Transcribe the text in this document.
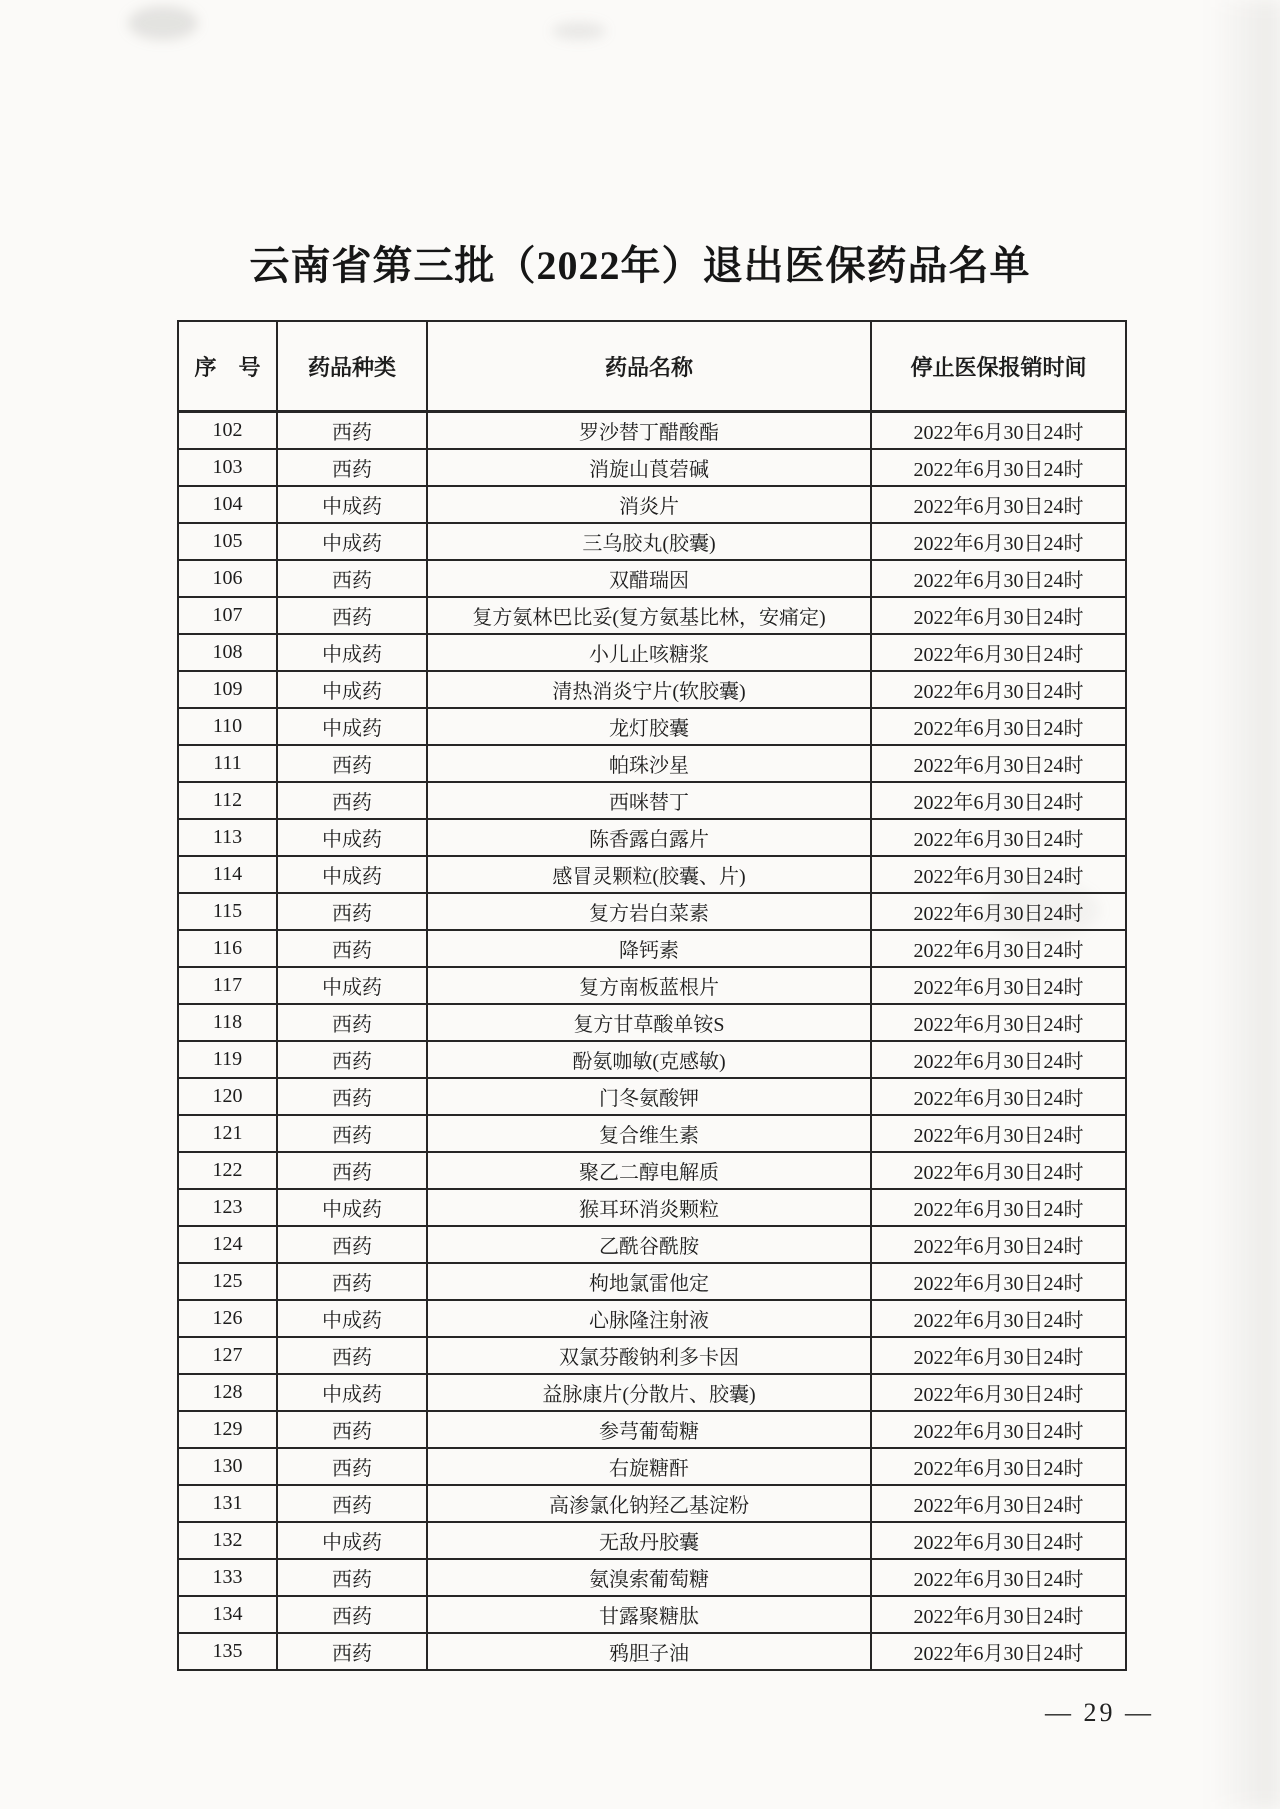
云南省第三批（2022年）退出医保药品名单
序　号	药品种类	药品名称	停止医保报销时间
102	西药	罗沙替丁醋酸酯	2022年6月30日24时
103	西药	消旋山莨菪碱	2022年6月30日24时
104	中成药	消炎片	2022年6月30日24时
105	中成药	三乌胶丸(胶囊)	2022年6月30日24时
106	西药	双醋瑞因	2022年6月30日24时
107	西药	复方氨林巴比妥(复方氨基比林，安痛定)	2022年6月30日24时
108	中成药	小儿止咳糖浆	2022年6月30日24时
109	中成药	清热消炎宁片(软胶囊)	2022年6月30日24时
110	中成药	龙灯胶囊	2022年6月30日24时
111	西药	帕珠沙星	2022年6月30日24时
112	西药	西咪替丁	2022年6月30日24时
113	中成药	陈香露白露片	2022年6月30日24时
114	中成药	感冒灵颗粒(胶囊、片)	2022年6月30日24时
115	西药	复方岩白菜素	2022年6月30日24时
116	西药	降钙素	2022年6月30日24时
117	中成药	复方南板蓝根片	2022年6月30日24时
118	西药	复方甘草酸单铵S	2022年6月30日24时
119	西药	酚氨咖敏(克感敏)	2022年6月30日24时
120	西药	门冬氨酸钾	2022年6月30日24时
121	西药	复合维生素	2022年6月30日24时
122	西药	聚乙二醇电解质	2022年6月30日24时
123	中成药	猴耳环消炎颗粒	2022年6月30日24时
124	西药	乙酰谷酰胺	2022年6月30日24时
125	西药	枸地氯雷他定	2022年6月30日24时
126	中成药	心脉隆注射液	2022年6月30日24时
127	西药	双氯芬酸钠利多卡因	2022年6月30日24时
128	中成药	益脉康片(分散片、胶囊)	2022年6月30日24时
129	西药	参芎葡萄糖	2022年6月30日24时
130	西药	右旋糖酐	2022年6月30日24时
131	西药	高渗氯化钠羟乙基淀粉	2022年6月30日24时
132	中成药	无敌丹胶囊	2022年6月30日24时
133	西药	氨溴索葡萄糖	2022年6月30日24时
134	西药	甘露聚糖肽	2022年6月30日24时
135	西药	鸦胆子油	2022年6月30日24时
— 29 —
